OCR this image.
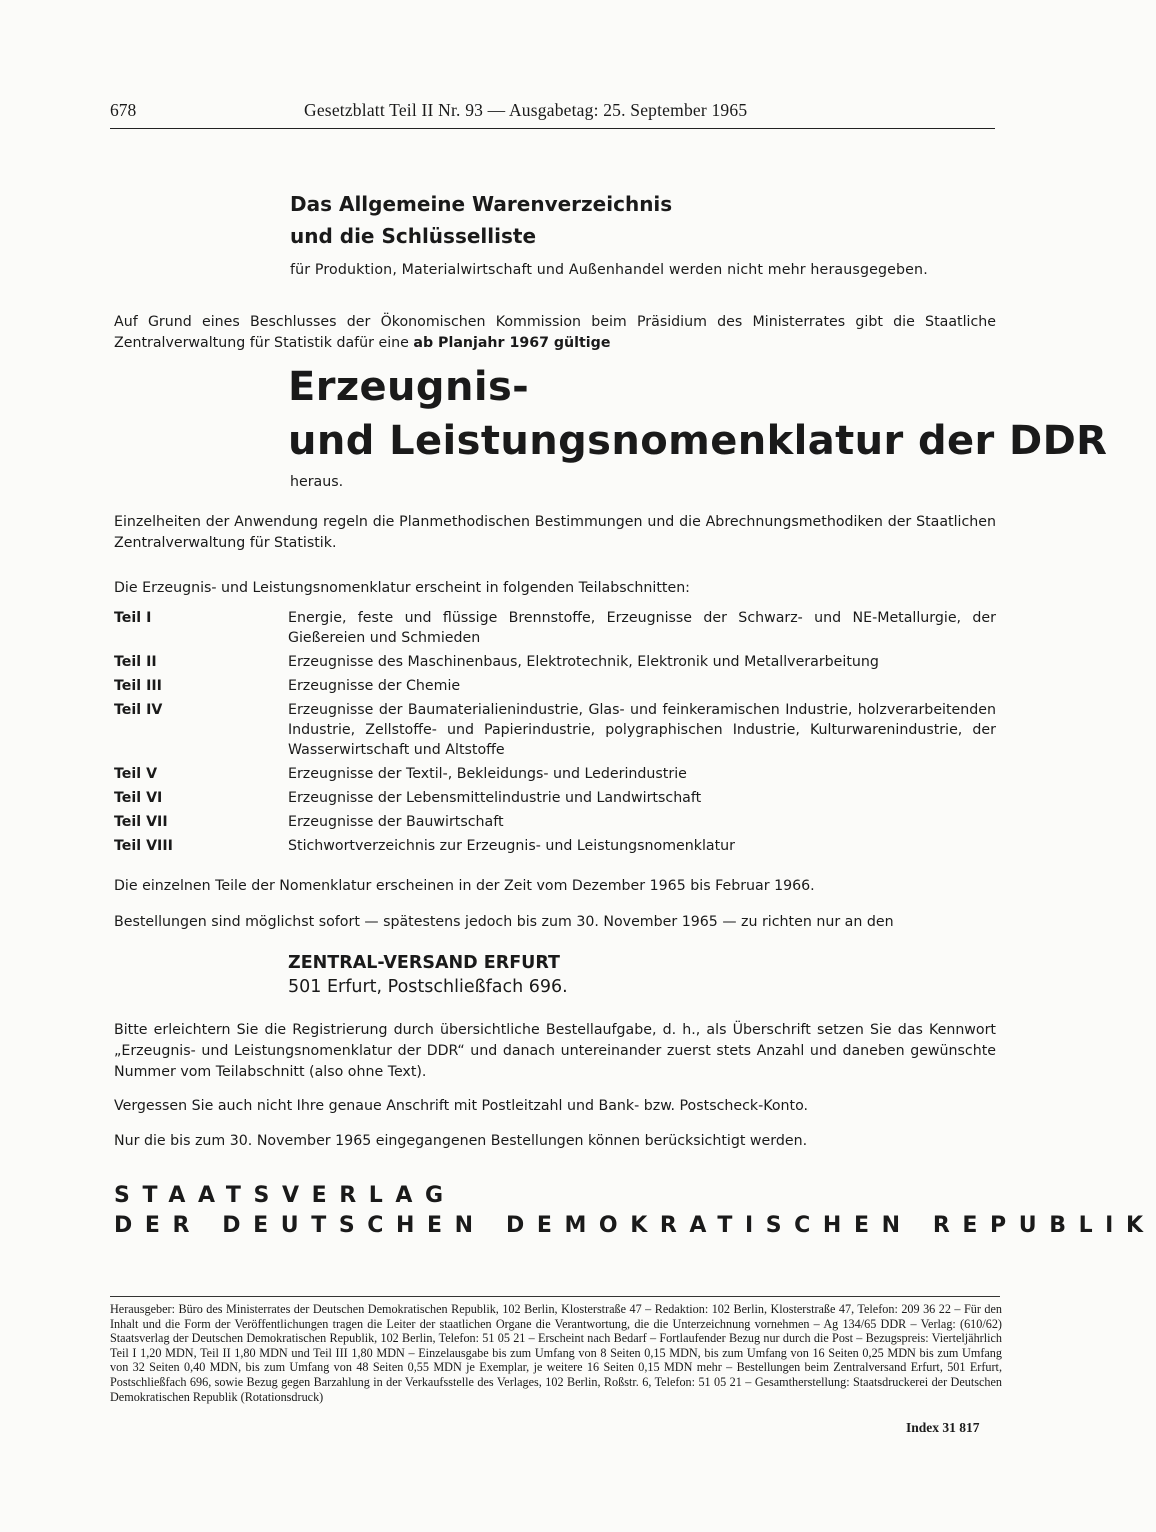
678	Gesetzblatt Teil II Nr. 93 — Ausgabetag: 25. September 1965
Das Allgemeine Warenverzeichnis
und die Schlüsselliste
für Produktion, Materialwirtschaft und Außenhandel werden nicht mehr herausgegeben.
Auf Grund eines Beschlusses der Ökonomischen Kommission beim Präsidium des Ministerrates gibt die Staatliche Zentralverwaltung für Statistik dafür eine ab Planjahr 1967 gültige
Erzeugnis-
und Leistungsnomenklatur der DDR
heraus.
Einzelheiten der Anwendung regeln die Planmethodischen Bestimmungen und die Abrechnungsmethodiken der Staatlichen Zentralverwaltung für Statistik.
Die Erzeugnis- und Leistungsnomenklatur erscheint in folgenden Teilabschnitten:
Teil I	Energie, feste und flüssige Brennstoffe, Erzeugnisse der Schwarz- und NE-Metallurgie, der Gießereien und Schmieden
Teil II	Erzeugnisse des Maschinenbaus, Elektrotechnik, Elektronik und Metallverarbeitung
Teil III	Erzeugnisse der Chemie
Teil IV	Erzeugnisse der Baumaterialienindustrie, Glas- und feinkeramischen Industrie, holzverarbeitenden Industrie, Zellstoffe- und Papierindustrie, polygraphischen Industrie, Kulturwarenindustrie, der Wasserwirtschaft und Altstoffe
Teil V	Erzeugnisse der Textil-, Bekleidungs- und Lederindustrie
Teil VI	Erzeugnisse der Lebensmittelindustrie und Landwirtschaft
Teil VII	Erzeugnisse der Bauwirtschaft
Teil VIII	Stichwortverzeichnis zur Erzeugnis- und Leistungsnomenklatur
Die einzelnen Teile der Nomenklatur erscheinen in der Zeit vom Dezember 1965 bis Februar 1966.
Bestellungen sind möglichst sofort — spätestens jedoch bis zum 30. November 1965 — zu richten nur an den
ZENTRAL-VERSAND ERFURT
501 Erfurt, Postschließfach 696.
Bitte erleichtern Sie die Registrierung durch übersichtliche Bestellaufgabe, d. h., als Überschrift setzen Sie das Kennwort „Erzeugnis- und Leistungsnomenklatur der DDR“ und danach untereinander zuerst stets Anzahl und daneben gewünschte Nummer vom Teilabschnitt (also ohne Text).
Vergessen Sie auch nicht Ihre genaue Anschrift mit Postleitzahl und Bank- bzw. Postscheck-Konto.
Nur die bis zum 30. November 1965 eingegangenen Bestellungen können berücksichtigt werden.
STAATSVERLAG
DER DEUTSCHEN DEMOKRATISCHEN REPUBLIK
Herausgeber: Büro des Ministerrates der Deutschen Demokratischen Republik, 102 Berlin, Klosterstraße 47 – Redaktion: 102 Berlin, Klosterstraße 47, Telefon: 209 36 22 – Für den Inhalt und die Form der Veröffentlichungen tragen die Leiter der staatlichen Organe die Verantwortung, die die Unterzeichnung vornehmen – Ag 134/65 DDR – Verlag: (610/62) Staatsverlag der Deutschen Demokratischen Republik, 102 Berlin, Telefon: 51 05 21 – Erscheint nach Bedarf – Fortlaufender Bezug nur durch die Post – Bezugspreis: Vierteljährlich Teil I 1,20 MDN, Teil II 1,80 MDN und Teil III 1,80 MDN – Einzelausgabe bis zum Umfang von 8 Seiten 0,15 MDN, bis zum Umfang von 16 Seiten 0,25 MDN bis zum Umfang von 32 Seiten 0,40 MDN, bis zum Umfang von 48 Seiten 0,55 MDN je Exemplar, je weitere 16 Seiten 0,15 MDN mehr – Bestellungen beim Zentralversand Erfurt, 501 Erfurt, Postschließfach 696, sowie Bezug gegen Barzahlung in der Verkaufsstelle des Verlages, 102 Berlin, Roßstr. 6, Telefon: 51 05 21 – Gesamtherstellung: Staatsdruckerei der Deutschen Demokratischen Republik (Rotationsdruck)
Index 31 817
